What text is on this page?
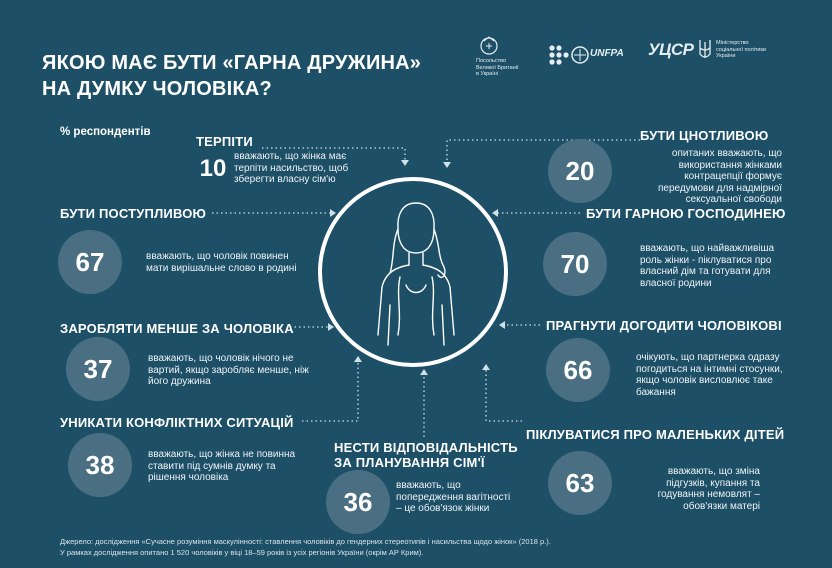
ЯКОЮ МАЄ БУТИ «ГАРНА ДРУЖИНА»
НА ДУМКУ ЧОЛОВІКА?
% респондентів
Посольство
Великої Британії
в Україні
UNFPA УЦСР	Міністерство
соціальної політики
України
ТЕРПІТИ
10 вважають, що жінка має терпіти насильство, щоб зберегти власну сім'ю
БУТИ ЦНОТЛИВОЮ
20
опитаних вважають, що використання жінками контрацепції формує передумови для надмірної сексуальної свободи
БУТИ ПОСТУПЛИВОЮ
67	вважають, що чоловік повинен мати вирішальне слово в родині
БУТИ ГАРНОЮ ГОСПОДИНЕЮ
70	вважають, що найважливіша роль жінки - піклуватися про власний дім та готувати для власної родини
ЗАРОБЛЯТИ МЕНШЕ ЗА ЧОЛОВІКА
37	вважають, що чоловік нічого не вартий, якщо заробляє менше, ніж його дружина
ПРАГНУТИ ДОГОДИТИ ЧОЛОВІКОВІ
66	очікують, що партнерка одразу погодиться на інтимні стосунки, якщо чоловік висловлює таке бажання
УНИКАТИ КОНФЛІКТНИХ СИТУАЦІЙ
38	вважають, що жінка не повинна ставити під сумнів думку та рішення чоловіка
НЕСТИ ВІДПОВІДАЛЬНІСТЬ
ЗА ПЛАНУВАННЯ СІМ'Ї
36
вважають, що попередження вагітності – це обов'язок жінки
ПІКЛУВАТИСЯ ПРО МАЛЕНЬКИХ ДІТЕЙ
63	вважають, що зміна підгузків, купання та годування немовлят – обов'язки матері
Джерело: дослідження «Сучасне розуміння маскулінності: ставлення чоловіків до гендерних стереотипів і насильства щодо жінок» (2018 р.).
У рамках дослідження опитано 1 520 чоловіків у віці 18–59 років із усіх регіонів України (окрім АР Крим).
